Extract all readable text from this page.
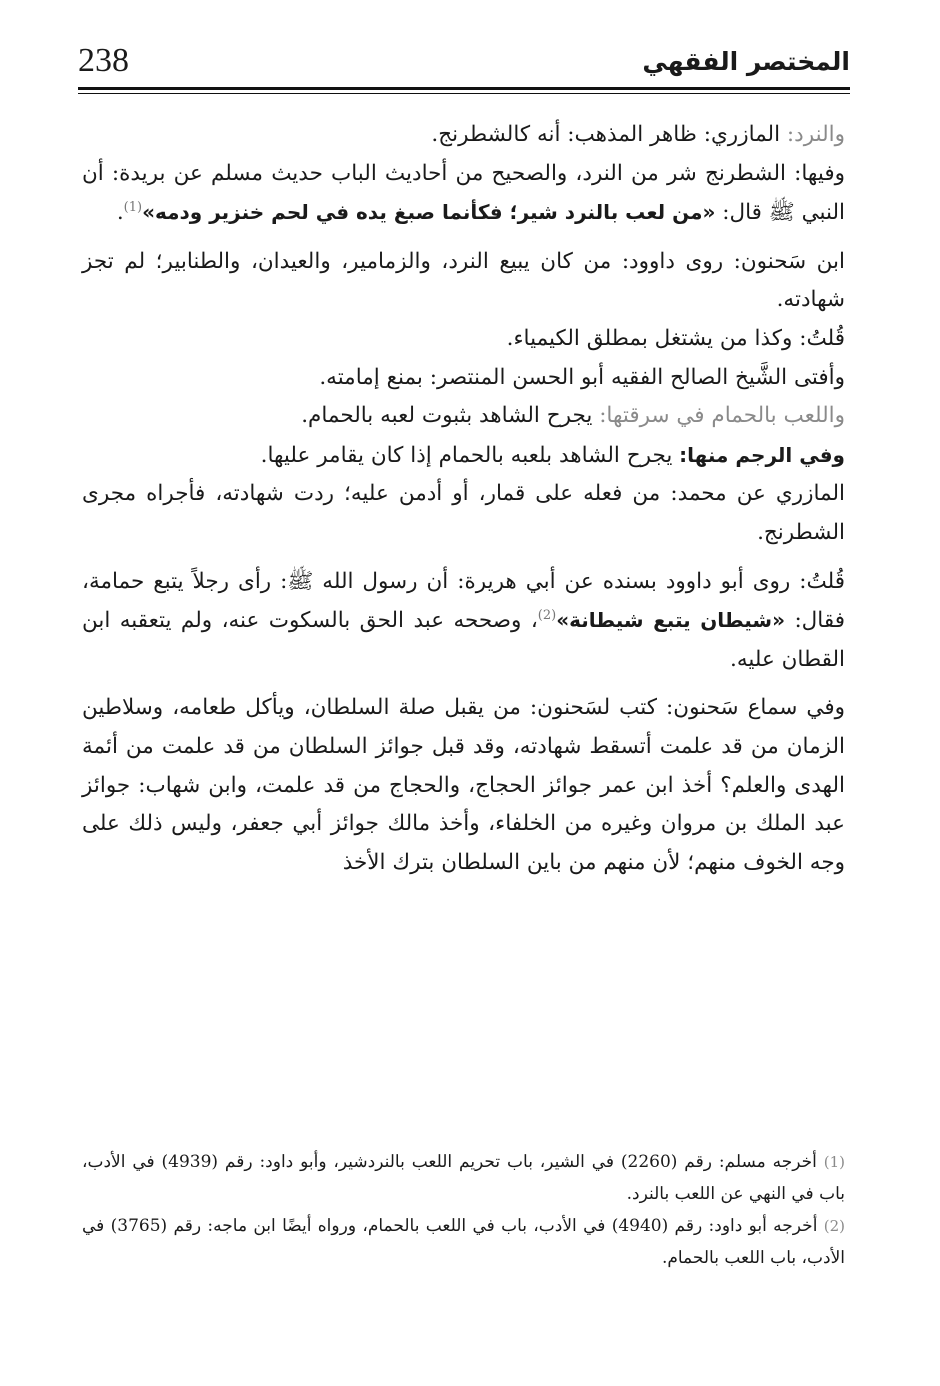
238	المختصر الفقهي

والنرد: المازري: ظاهر المذهب: أنه كالشطرنج.

وفيها: الشطرنج شر من النرد، والصحيح من أحاديث الباب حديث مسلم عن بريدة: أن النبي ﷺ قال: «من لعب بالنرد شير؛ فكأنما صبغ يده في لحم خنزير ودمه»$^{(1)}$.

ابن سَحنون: روى داوود: من كان يبيع النرد، والزمامير، والعيدان، والطنابير؛ لم تجز شهادته.

قُلتُ: وكذا من يشتغل بمطلق الكيمياء.

وأفتى الشَّيخ الصالح الفقيه أبو الحسن المنتصر: بمنع إمامته.

واللعب بالحمام في سرقتها: يجرح الشاهد بثبوت لعبه بالحمام.

وفي الرجم منها: يجرح الشاهد بلعبه بالحمام إذا كان يقامر عليها.

المازري عن محمد: من فعله على قمار، أو أدمن عليه؛ ردت شهادته، فأجراه مجرى الشطرنج.

قُلتُ: روى أبو داوود بسنده عن أبي هريرة: أن رسول الله ﷺ: رأى رجلاً يتبع حمامة، فقال: «شيطان يتبع شيطانة»$^{(2)}$، وصححه عبد الحق بالسكوت عنه، ولم يتعقبه ابن القطان عليه.

وفي سماع سَحنون: كتب لسَحنون: من يقبل صلة السلطان، ويأكل طعامه، وسلاطين الزمان من قد علمت أتسقط شهادته، وقد قبل جوائز السلطان من قد علمت من أئمة الهدى والعلم؟ أخذ ابن عمر جوائز الحجاج، والحجاج من قد علمت، وابن شهاب: جوائز عبد الملك بن مروان وغيره من الخلفاء، وأخذ مالك جوائز أبي جعفر، وليس ذلك على وجه الخوف منهم؛ لأن منهم من باين السلطان بترك الأخذ

(1) أخرجه مسلم: رقم (2260) في الشير، باب تحريم اللعب بالنردشير، وأبو داود: رقم (4939) في الأدب، باب في النهي عن اللعب بالنرد.

(2) أخرجه أبو داود: رقم (4940) في الأدب، باب في اللعب بالحمام، ورواه أيضًا ابن ماجه: رقم (3765) في الأدب، باب اللعب بالحمام.
